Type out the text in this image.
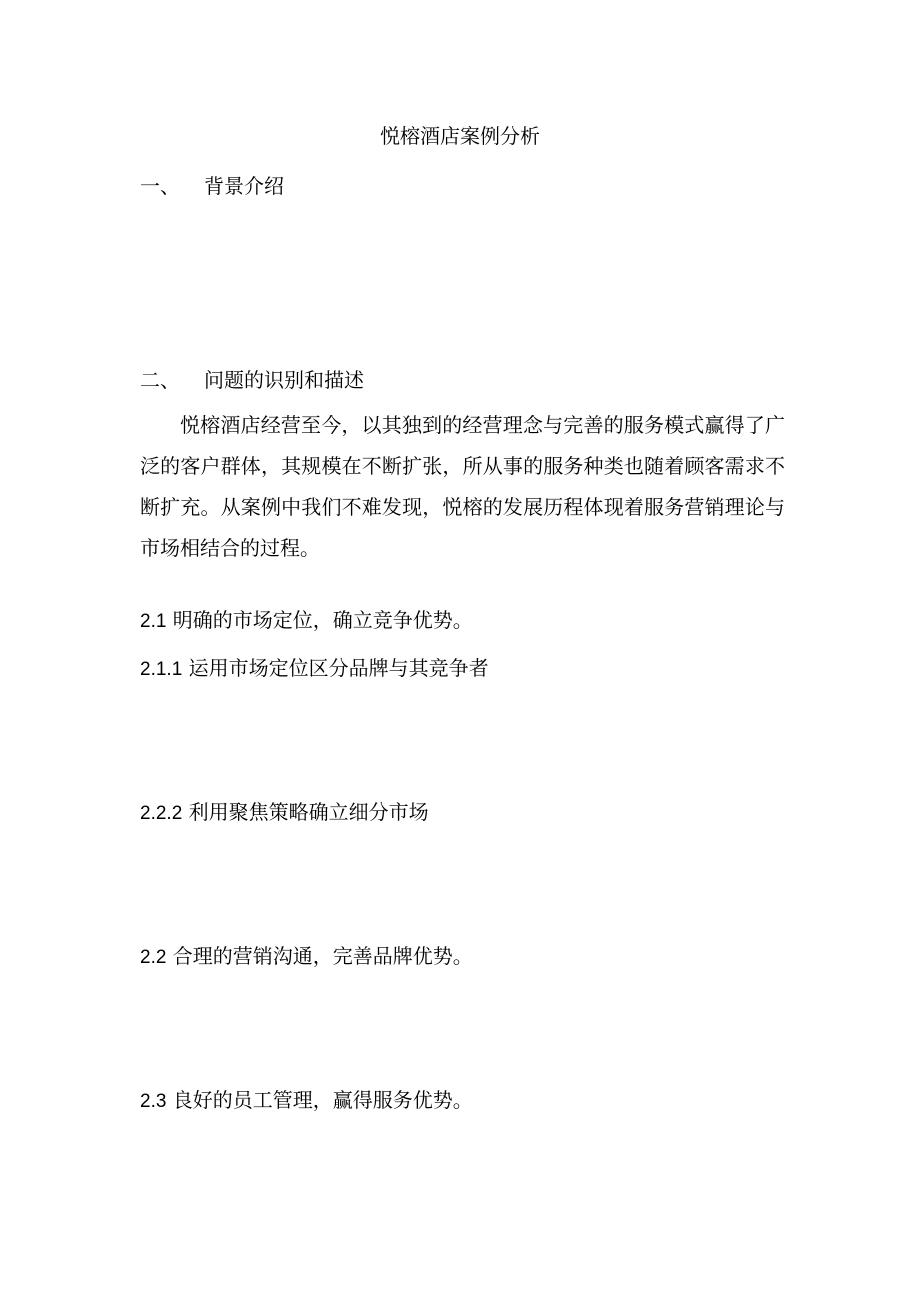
悦榕酒店案例分析
一、 背景介绍
二、 问题的识别和描述
悦榕酒店经营至今，以其独到的经营理念与完善的服务模式赢得了广泛的客户群体，其规模在不断扩张，所从事的服务种类也随着顾客需求不断扩充。从案例中我们不难发现，悦榕的发展历程体现着服务营销理论与市场相结合的过程。
2.1 明确的市场定位，确立竞争优势。
2.1.1 运用市场定位区分品牌与其竞争者
2.2.2 利用聚焦策略确立细分市场
2.2 合理的营销沟通，完善品牌优势。
2.3 良好的员工管理，赢得服务优势。
